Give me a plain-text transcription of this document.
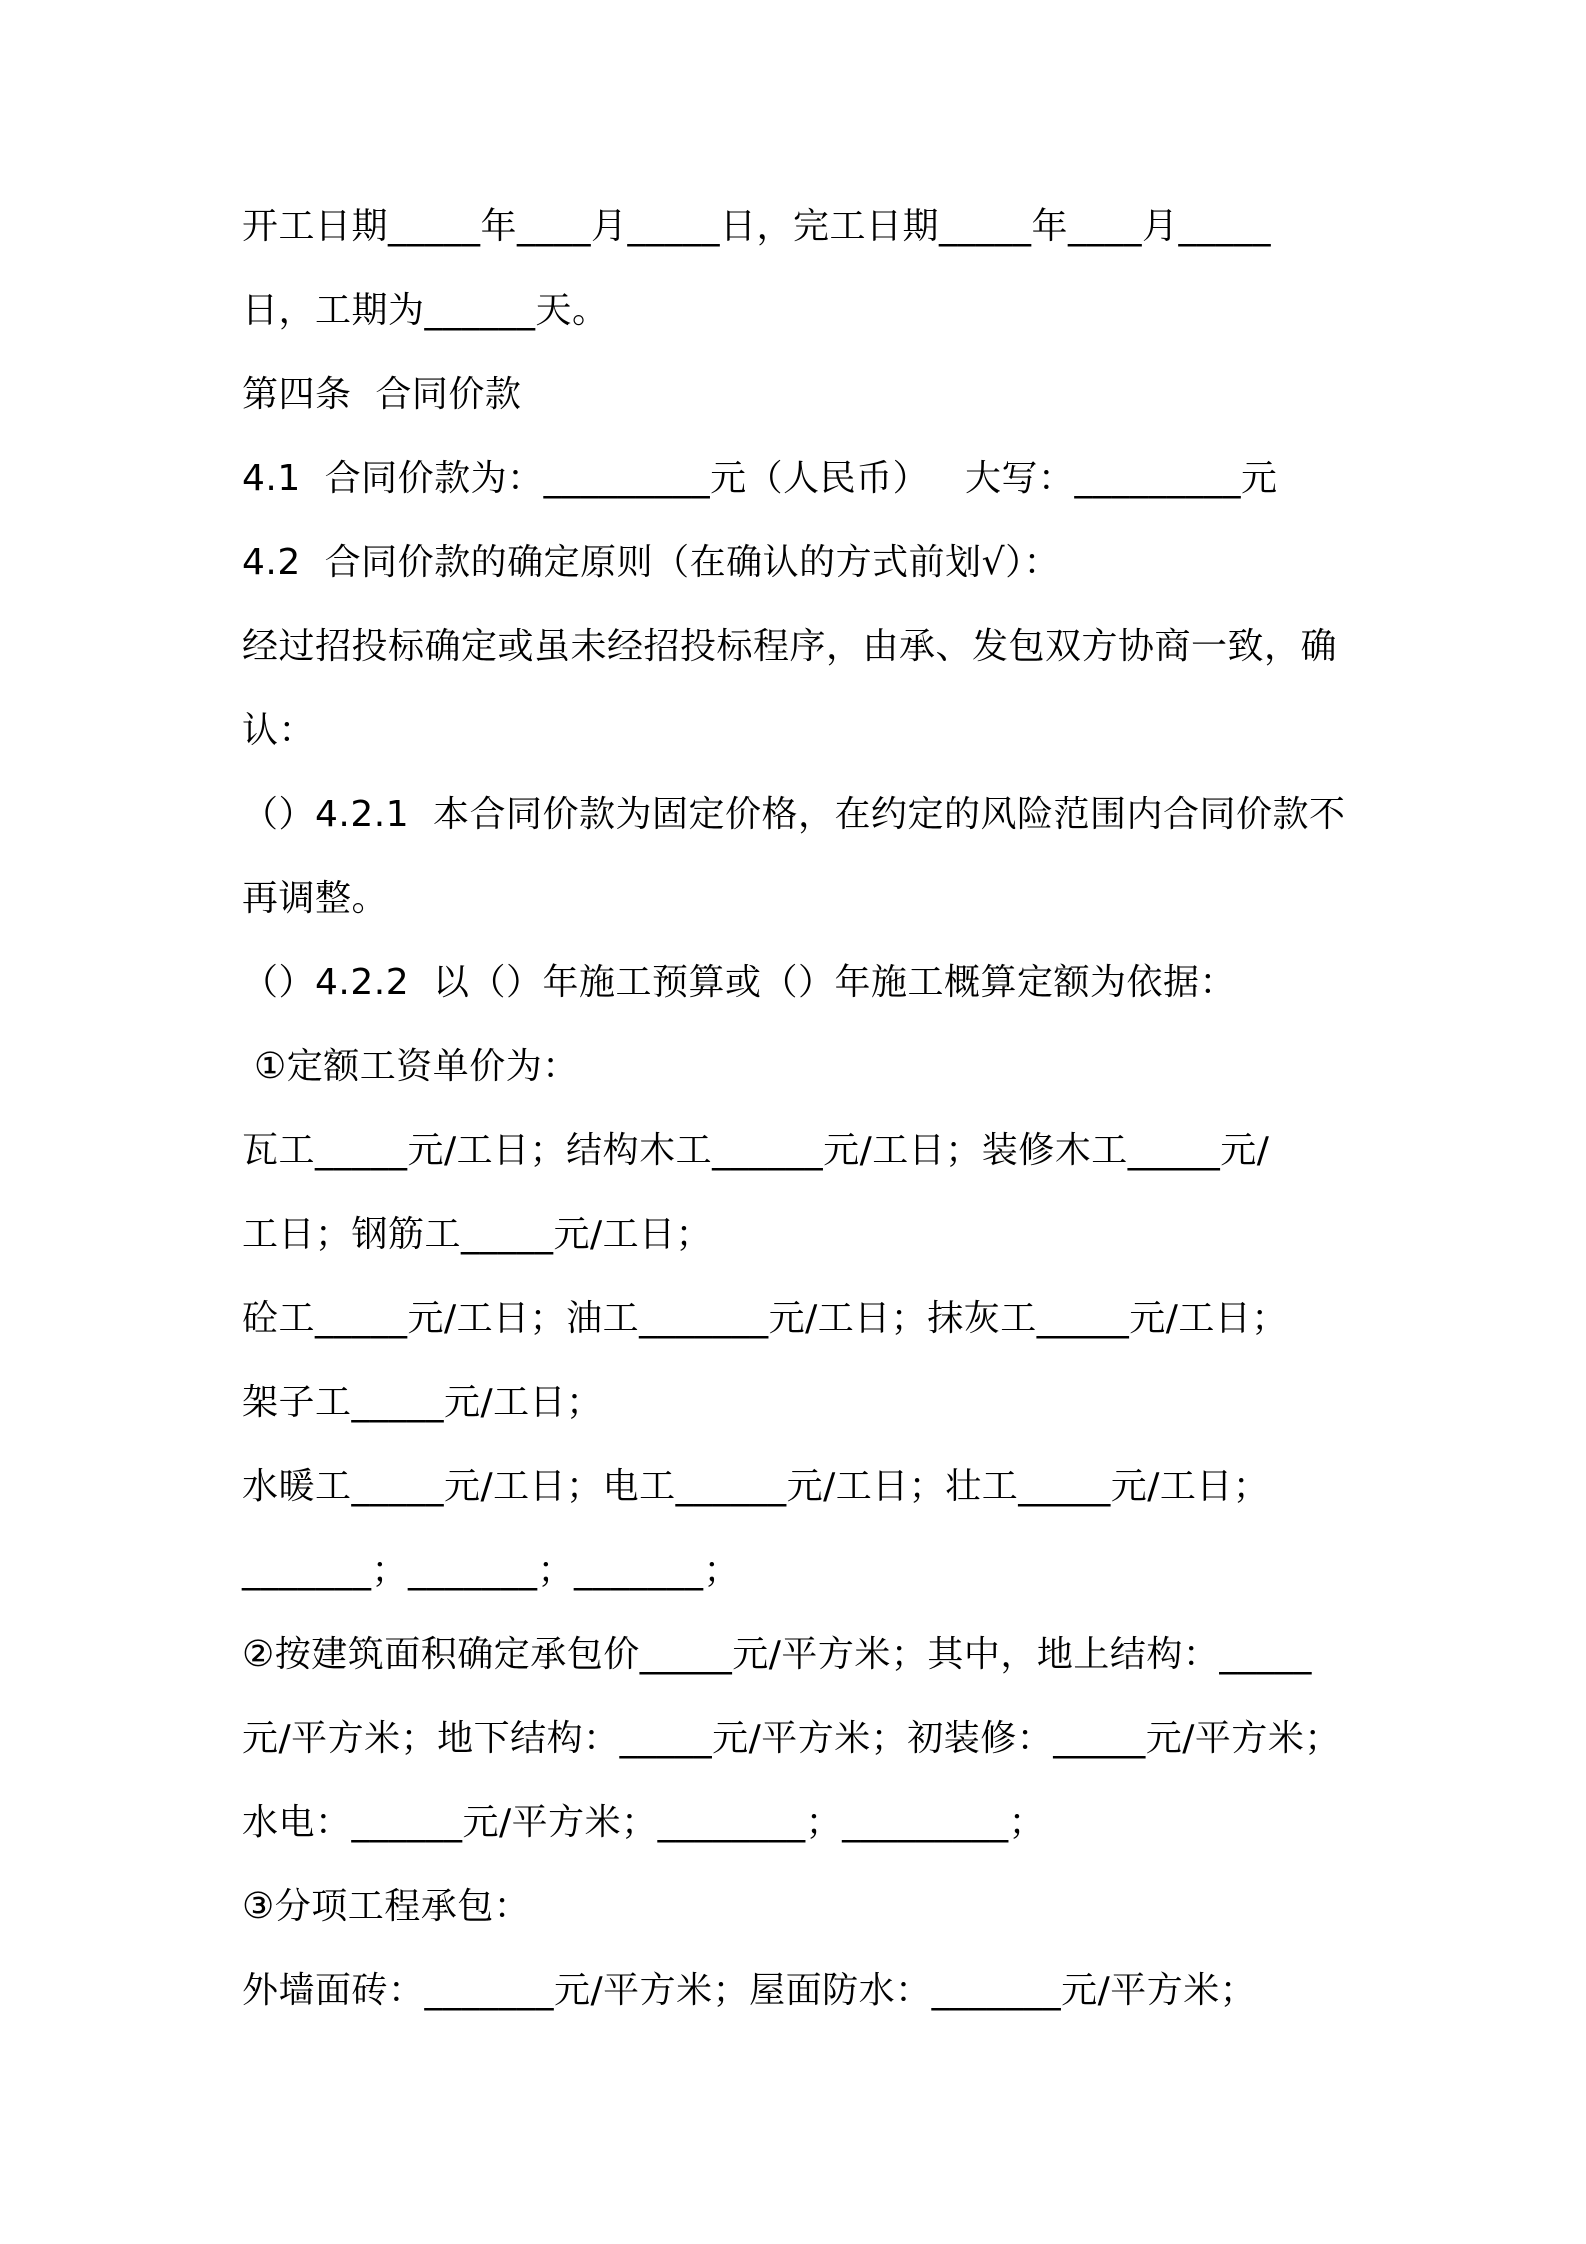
开工日期_____年____月_____日，完工日期_____年____月_____
日，工期为______天。
第四条  合同价款
4.1  合同价款为：_________元（人民币）   大写：_________元
4.2  合同价款的确定原则（在确认的方式前划√）：
经过招投标确定或虽未经招投标程序，由承、发包双方协商一致，确
认：
（）4.2.1  本合同价款为固定价格，在约定的风险范围内合同价款不
再调整。
（）4.2.2  以（）年施工预算或（）年施工概算定额为依据：
①定额工资单价为：
瓦工_____元/工日；结构木工______元/工日；装修木工_____元/
工日；钢筋工_____元/工日；
砼工_____元/工日；油工_______元/工日；抹灰工_____元/工日；
架子工_____元/工日；
水暖工_____元/工日；电工______元/工日；壮工_____元/工日；
_______；_______；_______；
②按建筑面积确定承包价_____元/平方米；其中，地上结构：_____
元/平方米；地下结构：_____元/平方米；初装修：_____元/平方米；
水电：______元/平方米；________；_________；
③分项工程承包：
外墙面砖：_______元/平方米；屋面防水：_______元/平方米；
